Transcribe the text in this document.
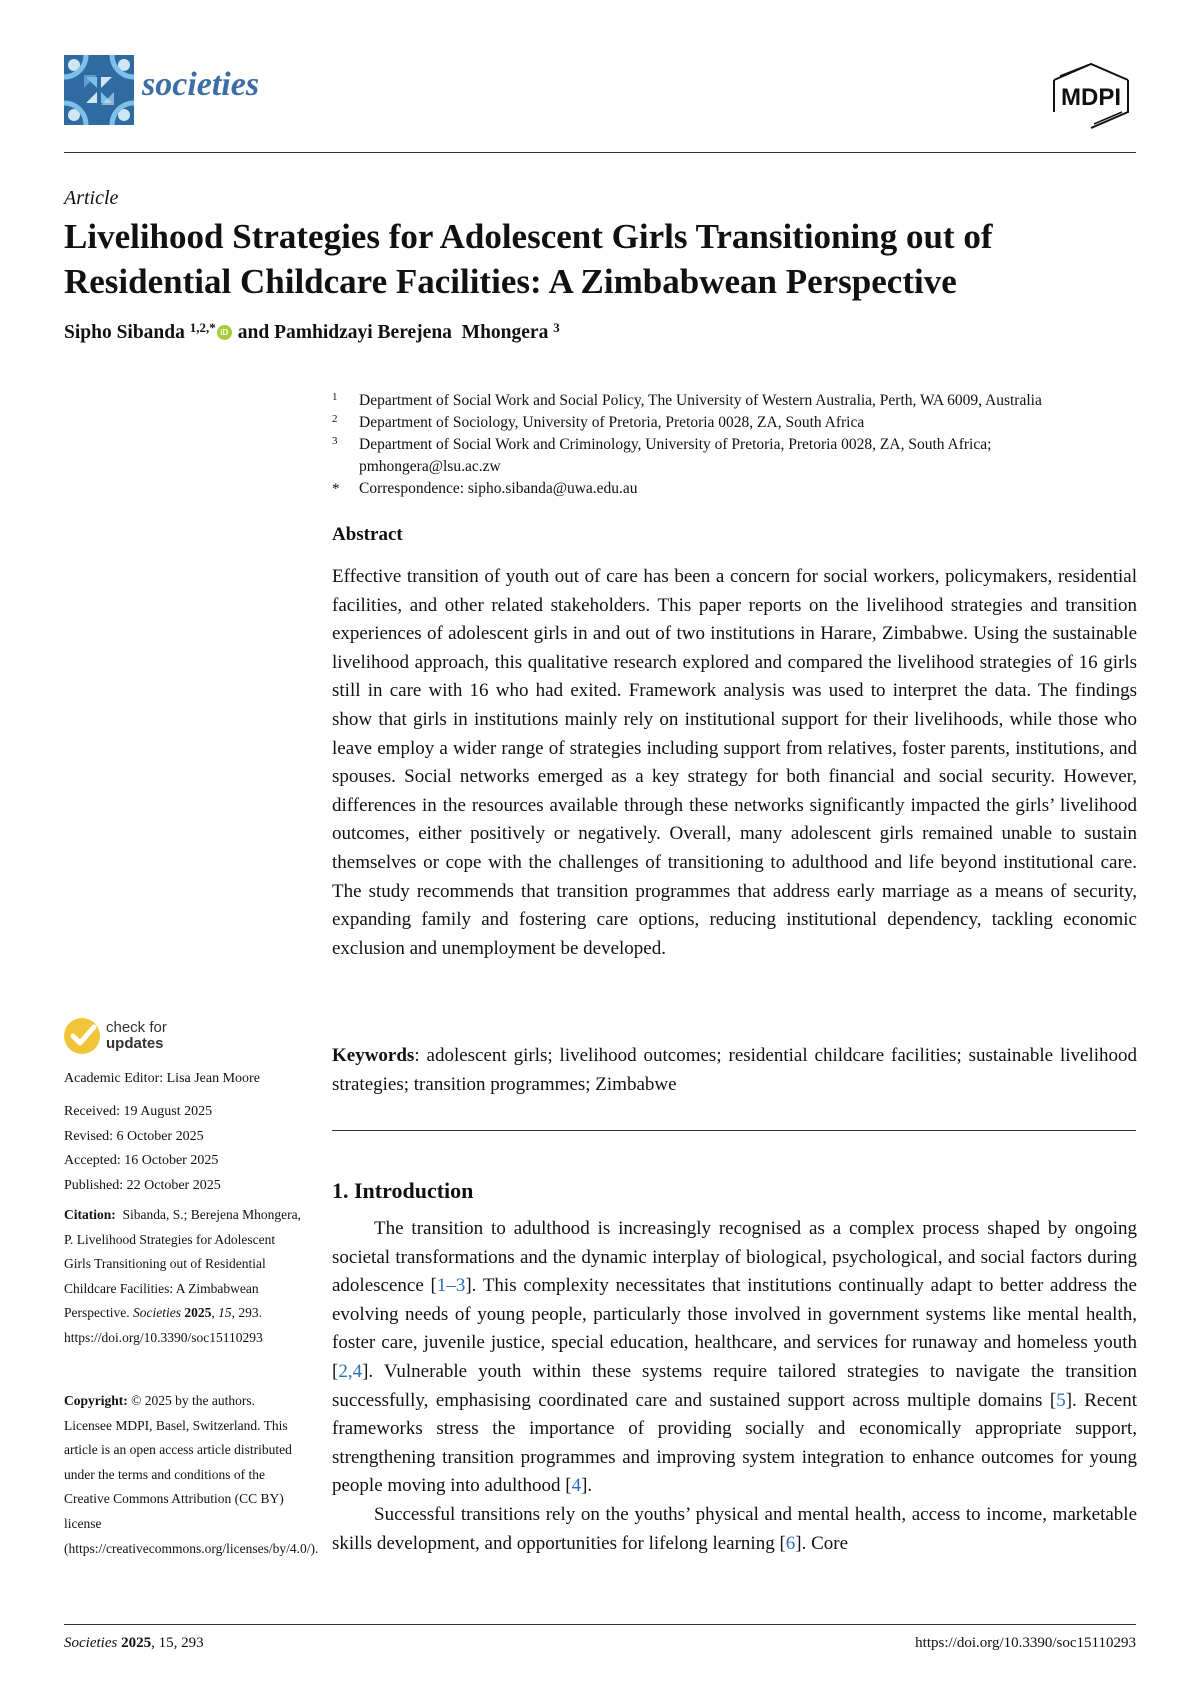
societies	MDPI
Article
Livelihood Strategies for Adolescent Girls Transitioning out of Residential Childcare Facilities: A Zimbabwean Perspective
Sipho Sibanda
$^{1,2,*}$ iD and
Pamhidzayi Berejena  Mhongera
$^3$
1	Department of Social Work and Social Policy, The University of Western Australia, Perth, WA 6009, Australia
2	Department of Sociology, University of Pretoria, Pretoria 0028, ZA, South Africa
3	Department of Social Work and Criminology, University of Pretoria, Pretoria 0028, ZA, South Africa; pmhongera@lsu.ac.zw
*	Correspondence: sipho.sibanda@uwa.edu.au
Abstract
Effective transition of youth out of care has been a concern for social workers, policymakers, residential facilities, and other related stakeholders. This paper reports on the livelihood strategies and transition experiences of adolescent girls in and out of two institutions in Harare, Zimbabwe. Using the sustainable livelihood approach, this qualitative research explored and compared the livelihood strategies of 16 girls still in care with 16 who had exited. Framework analysis was used to interpret the data. The findings show that girls in institutions mainly rely on institutional support for their livelihoods, while those who leave employ a wider range of strategies including support from relatives, foster parents, institutions, and spouses. Social networks emerged as a key strategy for both financial and social security. However, differences in the resources available through these networks significantly impacted the girls’ livelihood outcomes, either positively or negatively. Overall, many adolescent girls remained unable to sustain themselves or cope with the challenges of transitioning to adulthood and life beyond institutional care. The study recommends that transition programmes that address early marriage as a means of security, expanding family and fostering care options, reducing institutional dependency, tackling economic exclusion and unemployment be developed.
Keywords: adolescent girls; livelihood outcomes; residential childcare facilities; sustainable livelihood strategies; transition programmes; Zimbabwe
1. Introduction

The transition to adulthood is increasingly recognised as a complex process shaped by ongoing societal transformations and the dynamic interplay of biological, psychological, and social factors during adolescence [1–3]. This complexity necessitates that institutions continually adapt to better address the evolving needs of young people, particularly those involved in government systems like mental health, foster care, juvenile justice, special education, healthcare, and services for runaway and homeless youth [2,4]. Vulnerable youth within these systems require tailored strategies to navigate the transition successfully, emphasising coordinated care and sustained support across multiple domains [5]. Recent frameworks stress the importance of providing socially and economically appropriate support, strengthening transition programmes and improving system integration to enhance outcomes for young people moving into adulthood [4].

Successful transitions rely on the youths’ physical and mental health, access to income, marketable skills development, and opportunities for lifelong learning [6]. Core

check for
updates
Academic Editor: Lisa Jean Moore
Received: 19 August 2025
Revised: 6 October 2025
Accepted: 16 October 2025
Published: 22 October 2025
Citation: Sibanda, S.; Berejena Mhongera, P. Livelihood Strategies for Adolescent Girls Transitioning out of Residential Childcare Facilities: A Zimbabwean Perspective. Societies 2025, 15, 293. https://doi.org/10.3390/soc15110293
Copyright: © 2025 by the authors. Licensee MDPI, Basel, Switzerland. This article is an open access article distributed under the terms and conditions of the Creative Commons Attribution (CC BY) license (https://creativecommons.org/licenses/by/4.0/).
Societies 2025, 15, 293	https://doi.org/10.3390/soc15110293
